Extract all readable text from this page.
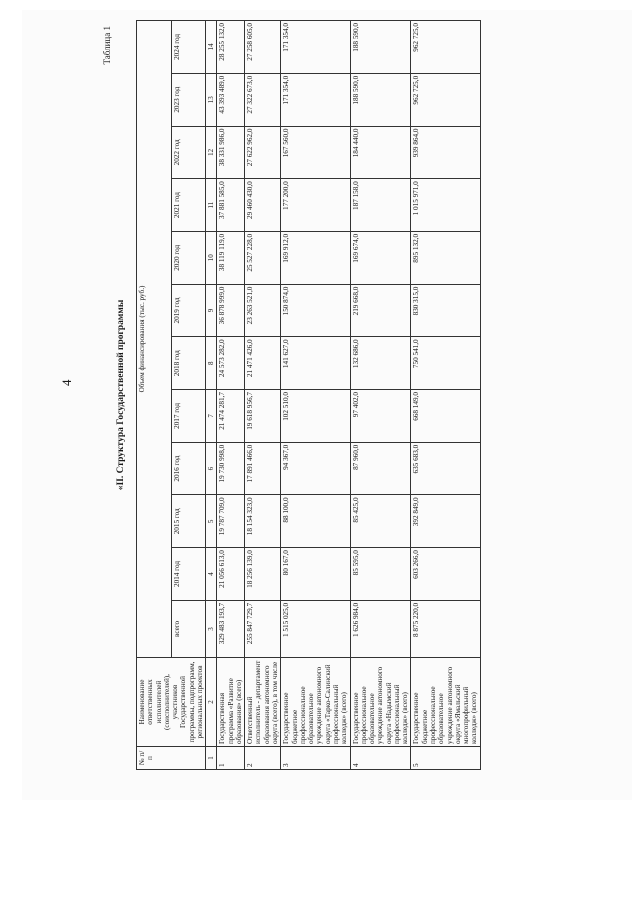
4
Таблица 1
«II. Структура Государственной программы
№ п/п	Наименование ответственных исполнителей (соисполнителей), участников Государственной программы, подпрограмм, региональных проектов	Объем финансирования (тыс. руб.)											
		всего	2014 год	2015 год	2016 год	2017 год	2018 год	2019 год	2020 год	2021 год	2022 год	2023 год	2024 год
1	2	3	4	5	6	7	8	9	10	11	12	13	14
1	Государственная программа «Развитие образования» (всего)	329 483 193,7	21 056 613,0	19 787 709,0	19 730 998,0	21 474 281,7	24 573 282,0	36 878 999,0	38 119 119,0	37 881 585,0	38 331 986,0	43 393 489,0	28 255 132,0
2	Ответственный исполнитель - департамент образования автономного округа (всего), в том числе	255 847 729,7	18 256 139,0	18 154 323,0	17 891 466,0	19 618 956,7	21 471 426,0	23 263 521,0	25 527 228,0	29 460 430,0	27 622 962,0	27 322 673,0	27 258 605,0
3	Государственное бюджетное профессиональное образовательное учреждение автономного округа «Тарко-Салинский профессиональный колледж» (всего)	1 515 025,0	80 167,0	88 100,0	94 367,0	102 510,0	141 627,0	150 874,0	169 912,0	177 200,0	167 560,0	171 354,0	171 354,0
4	Государственное профессиональное образовательное учреждение автономного округа «Надымский профессиональный колледж» (всего)	1 626 984,0	85 595,0	85 425,0	87 960,0	97 402,0	132 686,0	219 668,0	169 674,0	187 158,0	184 440,0	188 590,0	188 590,0
5	Государственное бюджетное профессиональное образовательное учреждение автономного округа «Ямальский многопрофильный колледж» (всего)	8 875 220,0	603 266,0	392 849,0	635 683,0	668 149,0	750 541,0	830 315,0	895 132,0	1 015 971,0	939 864,0	962 725,0	962 725,0
